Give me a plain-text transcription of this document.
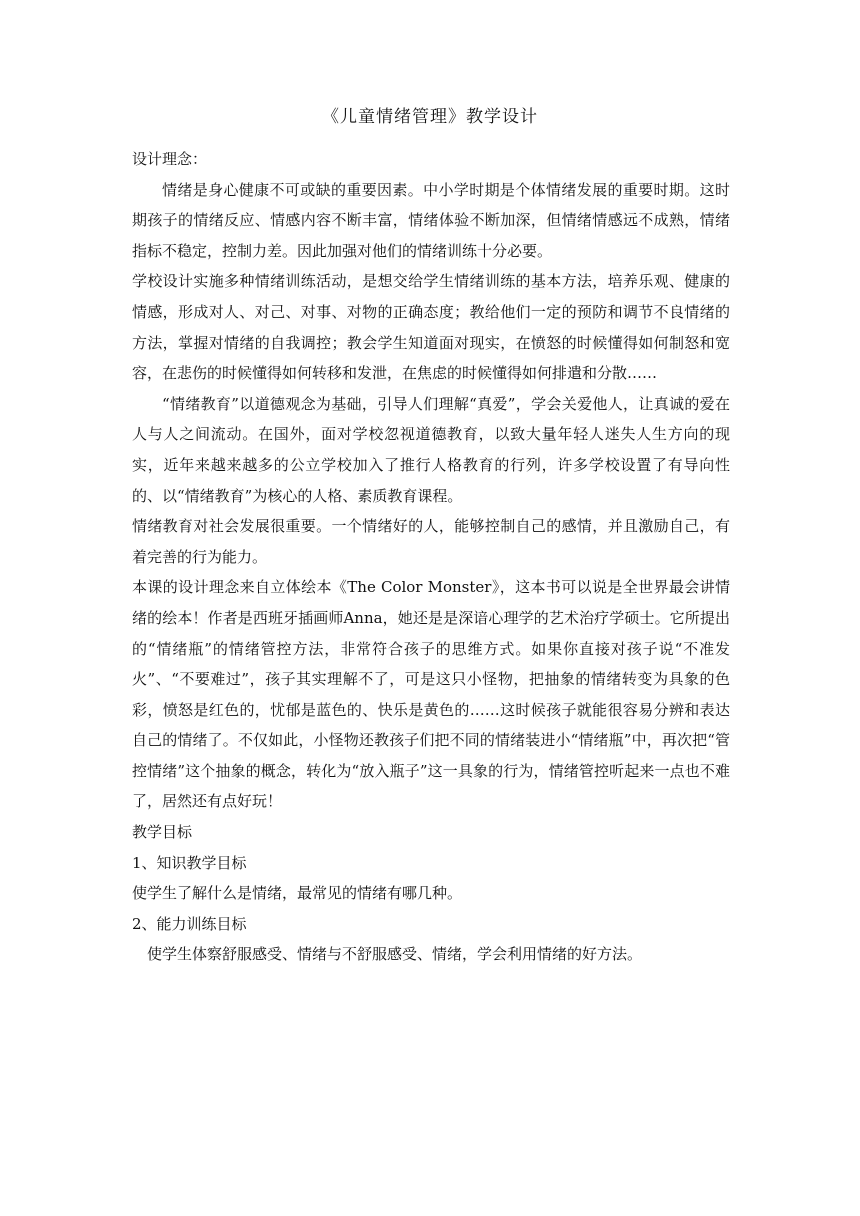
《儿童情绪管理》教学设计

设计理念：

情绪是身心健康不可或缺的重要因素。中小学时期是个体情绪发展的重要时期。这时期孩子的情绪反应、情感内容不断丰富，情绪体验不断加深，但情绪情感远不成熟，情绪指标不稳定，控制力差。因此加强对他们的情绪训练十分必要。

学校设计实施多种情绪训练活动，是想交给学生情绪训练的基本方法，培养乐观、健康的情感，形成对人、对己、对事、对物的正确态度；教给他们一定的预防和调节不良情绪的方法，掌握对情绪的自我调控；教会学生知道面对现实，在愤怒的时候懂得如何制怒和宽容，在悲伤的时候懂得如何转移和发泄，在焦虑的时候懂得如何排遣和分散……

“情绪教育”以道德观念为基础，引导人们理解“真爱”，学会关爱他人，让真诚的爱在人与人之间流动。在国外，面对学校忽视道德教育，以致大量年轻人迷失人生方向的现实，近年来越来越多的公立学校加入了推行人格教育的行列，许多学校设置了有导向性的、以“情绪教育”为核心的人格、素质教育课程。

情绪教育对社会发展很重要。一个情绪好的人，能够控制自己的感情，并且激励自己，有着完善的行为能力。

本课的设计理念来自立体绘本《The Color Monster》，这本书可以说是全世界最会讲情绪的绘本！作者是西班牙插画师Anna，她还是是深谙心理学的艺术治疗学硕士。它所提出的“情绪瓶”的情绪管控方法，非常符合孩子的思维方式。如果你直接对孩子说“不准发火”、“不要难过”，孩子其实理解不了，可是这只小怪物，把抽象的情绪转变为具象的色彩，愤怒是红色的，忧郁是蓝色的、快乐是黄色的……这时候孩子就能很容易分辨和表达自己的情绪了。不仅如此，小怪物还教孩子们把不同的情绪装进小“情绪瓶”中，再次把“管控情绪”这个抽象的概念，转化为“放入瓶子”这一具象的行为，情绪管控听起来一点也不难了，居然还有点好玩！

教学目标

1、知识教学目标

使学生了解什么是情绪，最常见的情绪有哪几种。

2、能力训练目标

使学生体察舒服感受、情绪与不舒服感受、情绪，学会利用情绪的好方法。
